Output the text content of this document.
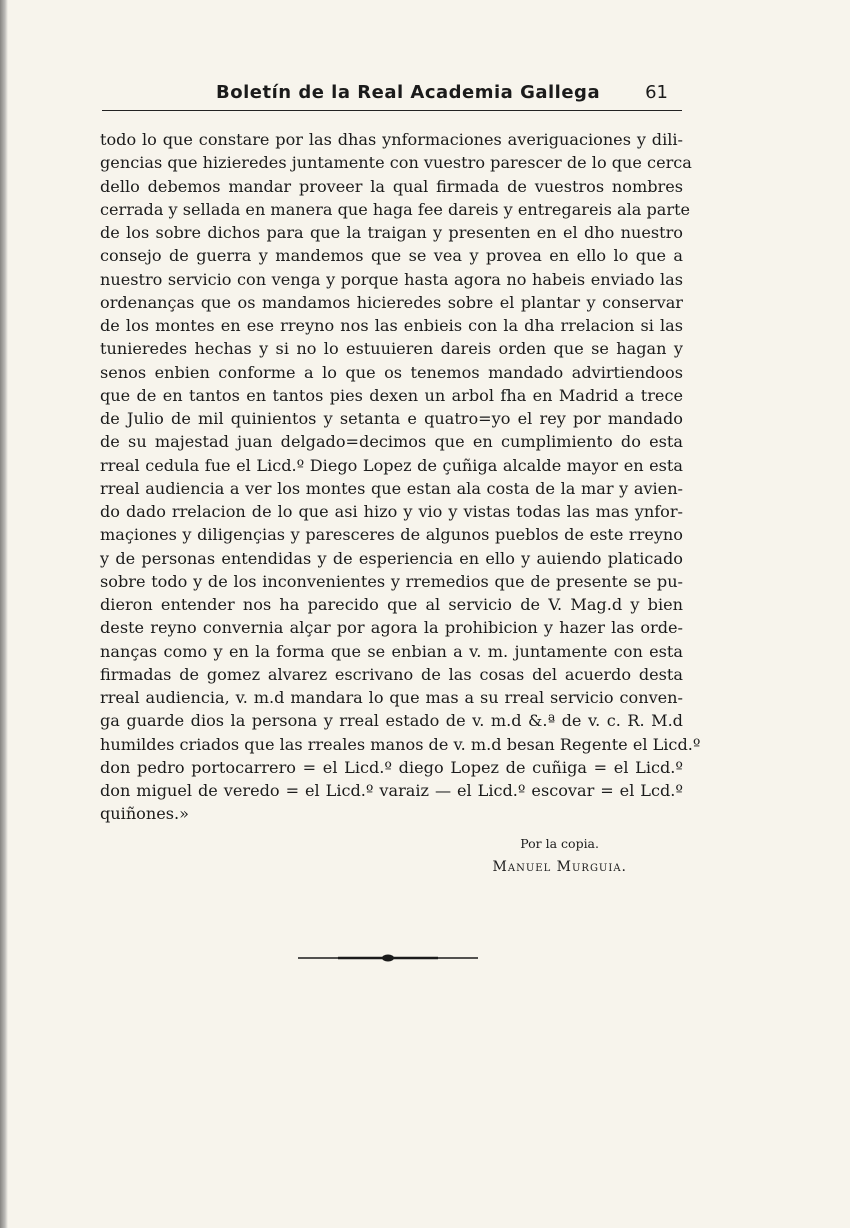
Boletín de la Real Academia Gallega	61
todo lo que constare por las dhas ynformaciones averiguaciones y dili-
gencias que hizieredes juntamente con vuestro parescer de lo que cerca
dello debemos mandar proveer la qual firmada de vuestros nombres
cerrada y sellada en manera que haga fee dareis y entregareis ala parte
de los sobre dichos para que la traigan y presenten en el dho nuestro
consejo de guerra y mandemos que se vea y provea en ello lo que a
nuestro servicio con venga y porque hasta agora no habeis enviado las
ordenanças que os mandamos hicieredes sobre el plantar y conservar
de los montes en ese rreyno nos las enbieis con la dha rrelacion si las
tunieredes hechas y si no lo estuuieren dareis orden que se hagan y
senos enbien conforme a lo que os tenemos mandado advirtiendoos
que de en tantos en tantos pies dexen un arbol fha en Madrid a trece
de Julio de mil quinientos y setanta e quatro=yo el rey por mandado
de su majestad juan delgado=decimos que en cumplimiento do esta
rreal cedula fue el Licd.º Diego Lopez de çuñiga alcalde mayor en esta
rreal audiencia a ver los montes que estan ala costa de la mar y avien-
do dado rrelacion de lo que asi hizo y vio y vistas todas las mas ynfor-
maçiones y diligençias y paresceres de algunos pueblos de este rreyno
y de personas entendidas y de esperiencia en ello y auiendo platicado
sobre todo y de los inconvenientes y rremedios que de presente se pu-
dieron entender nos ha parecido que al servicio de V. Mag.d y bien
deste reyno convernia alçar por agora la prohibicion y hazer las orde-
nanças como y en la forma que se enbian a v. m. juntamente con esta
firmadas de gomez alvarez escrivano de las cosas del acuerdo desta
rreal audiencia, v. m.d mandara lo que mas a su rreal servicio conven-
ga guarde dios la persona y rreal estado de v. m.d &.ª de v. c. R. M.d
humildes criados que las rreales manos de v. m.d besan Regente el Licd.º
don pedro portocarrero = el Licd.º diego Lopez de cuñiga = el Licd.º
don miguel de veredo = el Licd.º varaiz — el Licd.º escovar = el Lcd.º
quiñones.»
Por la copia.
Manuel Murguia.
